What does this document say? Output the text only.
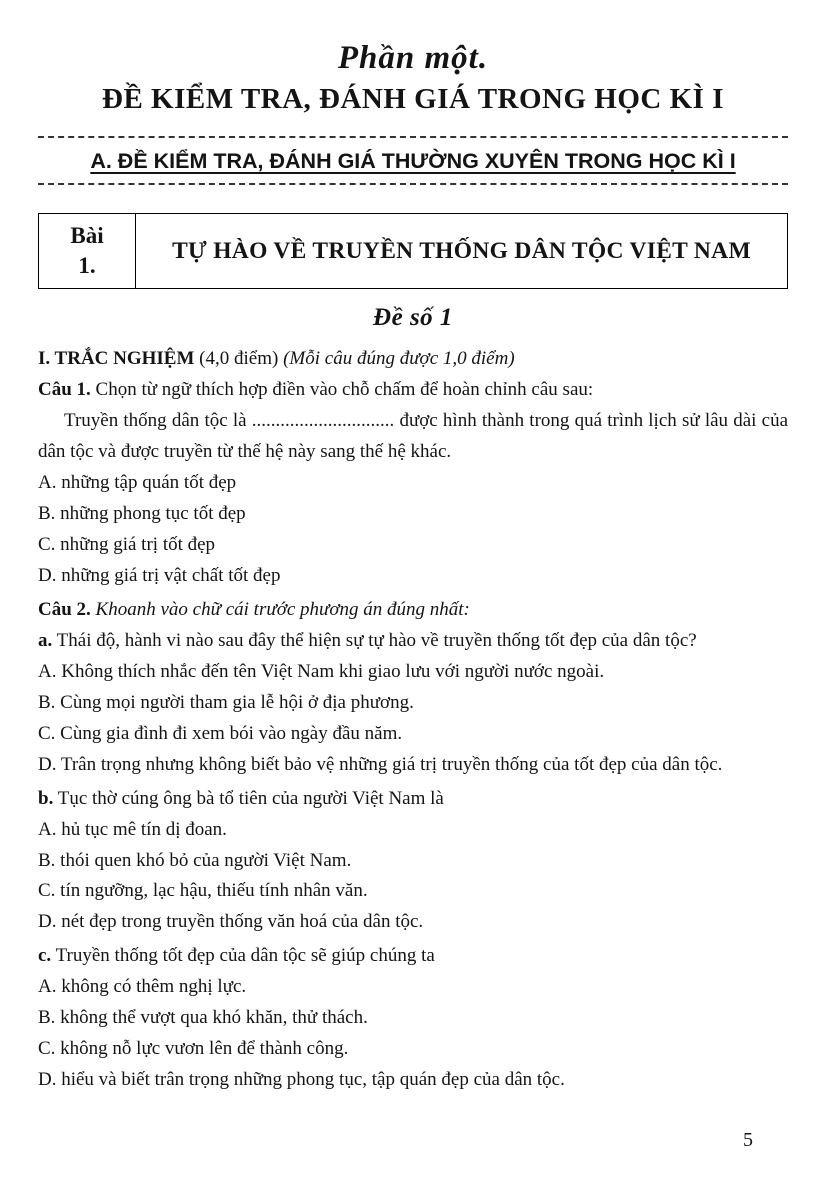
Phần một.
ĐỀ KIỂM TRA, ĐÁNH GIÁ TRONG HỌC KÌ I
A. ĐỀ KIỂM TRA, ĐÁNH GIÁ THƯỜNG XUYÊN TRONG HỌC KÌ I
Bài
1.
TỰ HÀO VỀ TRUYỀN THỐNG DÂN TỘC VIỆT NAM
Đề số 1

I. TRẮC NGHIỆM (4,0 điểm) (Mỗi câu đúng được 1,0 điểm)

Câu 1. Chọn từ ngữ thích hợp điền vào chỗ chấm để hoàn chỉnh câu sau:

Truyền thống dân tộc là .............................. được hình thành trong quá trình lịch sử lâu dài của dân tộc và được truyền từ thế hệ này sang thế hệ khác.

A. những tập quán tốt đẹp

B. những phong tục tốt đẹp

C. những giá trị tốt đẹp

D. những giá trị vật chất tốt đẹp

Câu 2. Khoanh vào chữ cái trước phương án đúng nhất:

a. Thái độ, hành vi nào sau đây thể hiện sự tự hào về truyền thống tốt đẹp của dân tộc?

A. Không thích nhắc đến tên Việt Nam khi giao lưu với người nước ngoài.

B. Cùng mọi người tham gia lễ hội ở địa phương.

C. Cùng gia đình đi xem bói vào ngày đầu năm.

D. Trân trọng nhưng không biết bảo vệ những giá trị truyền thống của tốt đẹp của dân tộc.

b. Tục thờ cúng ông bà tổ tiên của người Việt Nam là

A. hủ tục mê tín dị đoan.

B. thói quen khó bỏ của người Việt Nam.

C. tín ngưỡng, lạc hậu, thiếu tính nhân văn.

D. nét đẹp trong truyền thống văn hoá của dân tộc.

c. Truyền thống tốt đẹp của dân tộc sẽ giúp chúng ta

A. không có thêm nghị lực.

B. không thể vượt qua khó khăn, thử thách.

C. không nỗ lực vươn lên để thành công.

D. hiểu và biết trân trọng những phong tục, tập quán đẹp của dân tộc.

5
